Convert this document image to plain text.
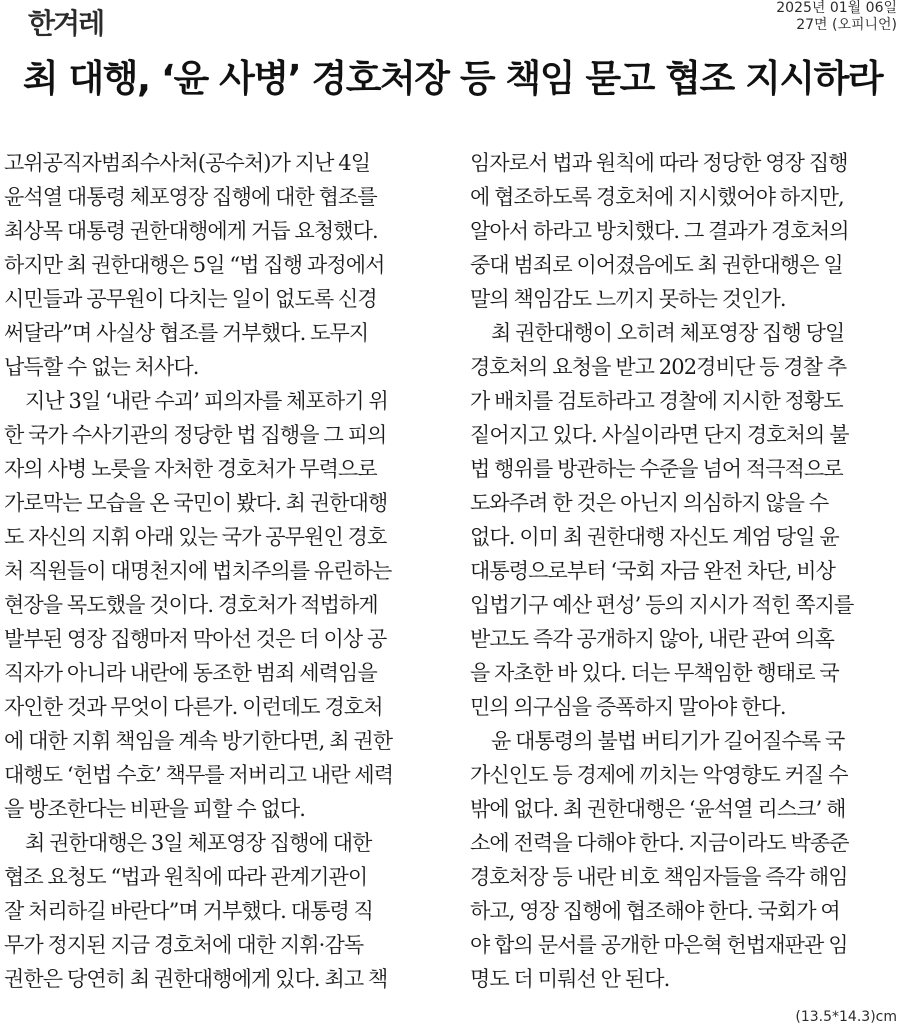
한겨레	2025년 01월 06일
27면 (오피니언)
최 대행, ‘윤 사병’ 경호처장 등 책임 묻고 협조 지시하라
고위공직자범죄수사처(공수처)가 지난 4일
윤석열 대통령 체포영장 집행에 대한 협조를
최상목 대통령 권한대행에게 거듭 요청했다.
하지만 최 권한대행은 5일 “법 집행 과정에서
시민들과 공무원이 다치는 일이 없도록 신경
써달라”며 사실상 협조를 거부했다. 도무지
납득할 수 없는 처사다.
지난 3일 ‘내란 수괴’ 피의자를 체포하기 위
한 국가 수사기관의 정당한 법 집행을 그 피의
자의 사병 노릇을 자처한 경호처가 무력으로
가로막는 모습을 온 국민이 봤다. 최 권한대행
도 자신의 지휘 아래 있는 국가 공무원인 경호
처 직원들이 대명천지에 법치주의를 유린하는
현장을 목도했을 것이다. 경호처가 적법하게
발부된 영장 집행마저 막아선 것은 더 이상 공
직자가 아니라 내란에 동조한 범죄 세력임을
자인한 것과 무엇이 다른가. 이런데도 경호처
에 대한 지휘 책임을 계속 방기한다면, 최 권한
대행도 ‘헌법 수호’ 책무를 저버리고 내란 세력
을 방조한다는 비판을 피할 수 없다.
최 권한대행은 3일 체포영장 집행에 대한
협조 요청도 “법과 원칙에 따라 관계기관이
잘 처리하길 바란다”며 거부했다. 대통령 직
무가 정지된 지금 경호처에 대한 지휘·감독
권한은 당연히 최 권한대행에게 있다. 최고 책
임자로서 법과 원칙에 따라 정당한 영장 집행
에 협조하도록 경호처에 지시했어야 하지만,
알아서 하라고 방치했다. 그 결과가 경호처의
중대 범죄로 이어졌음에도 최 권한대행은 일
말의 책임감도 느끼지 못하는 것인가.
최 권한대행이 오히려 체포영장 집행 당일
경호처의 요청을 받고 202경비단 등 경찰 추
가 배치를 검토하라고 경찰에 지시한 정황도
짙어지고 있다. 사실이라면 단지 경호처의 불
법 행위를 방관하는 수준을 넘어 적극적으로
도와주려 한 것은 아닌지 의심하지 않을 수
없다. 이미 최 권한대행 자신도 계엄 당일 윤
대통령으로부터 ‘국회 자금 완전 차단, 비상
입법기구 예산 편성’ 등의 지시가 적힌 쪽지를
받고도 즉각 공개하지 않아, 내란 관여 의혹
을 자초한 바 있다. 더는 무책임한 행태로 국
민의 의구심을 증폭하지 말아야 한다.
윤 대통령의 불법 버티기가 길어질수록 국
가신인도 등 경제에 끼치는 악영향도 커질 수
밖에 없다. 최 권한대행은 ‘윤석열 리스크’ 해
소에 전력을 다해야 한다. 지금이라도 박종준
경호처장 등 내란 비호 책임자들을 즉각 해임
하고, 영장 집행에 협조해야 한다. 국회가 여
야 합의 문서를 공개한 마은혁 헌법재판관 임
명도 더 미뤄선 안 된다.
(13.5*14.3)cm
